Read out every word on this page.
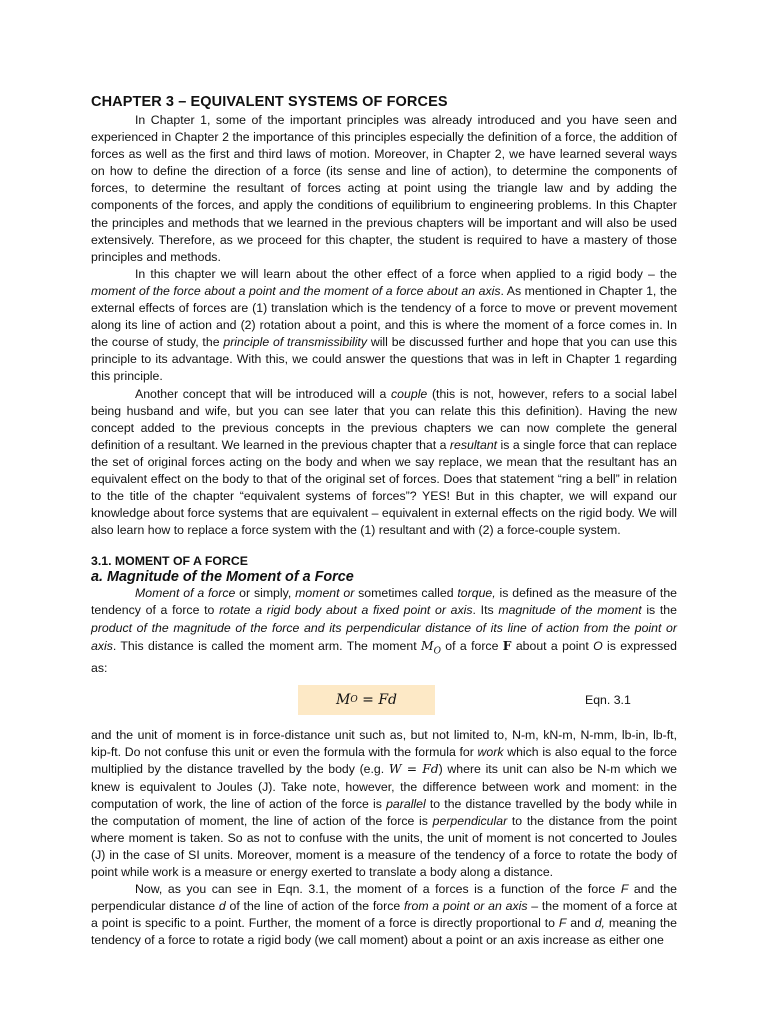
CHAPTER 3 – EQUIVALENT SYSTEMS OF FORCES

In Chapter 1, some of the important principles was already introduced and you have seen and experienced in Chapter 2 the importance of this principles especially the definition of a force, the addition of forces as well as the first and third laws of motion. Moreover, in Chapter 2, we have learned several ways on how to define the direction of a force (its sense and line of action), to determine the components of forces, to determine the resultant of forces acting at point using the triangle law and by adding the components of the forces, and apply the conditions of equilibrium to engineering problems. In this Chapter the principles and methods that we learned in the previous chapters will be important and will also be used extensively. Therefore, as we proceed for this chapter, the student is required to have a mastery of those principles and methods.

In this chapter we will learn about the other effect of a force when applied to a rigid body – the moment of the force about a point and the moment of a force about an axis. As mentioned in Chapter 1, the external effects of forces are (1) translation which is the tendency of a force to move or prevent movement along its line of action and (2) rotation about a point, and this is where the moment of a force comes in. In the course of study, the principle of transmissibility will be discussed further and hope that you can use this principle to its advantage. With this, we could answer the questions that was in left in Chapter 1 regarding this principle.

Another concept that will be introduced will a couple (this is not, however, refers to a social label being husband and wife, but you can see later that you can relate this this definition). Having the new concept added to the previous concepts in the previous chapters we can now complete the general definition of a resultant. We learned in the previous chapter that a resultant is a single force that can replace the set of original forces acting on the body and when we say replace, we mean that the resultant has an equivalent effect on the body to that of the original set of forces. Does that statement “ring a bell” in relation to the title of the chapter “equivalent systems of forces”? YES! But in this chapter, we will expand our knowledge about force systems that are equivalent – equivalent in external effects on the rigid body. We will also learn how to replace a force system with the (1) resultant and with (2) a force-couple system.

3.1. MOMENT OF A FORCE
a. Magnitude of the Moment of a Force

Moment of a force or simply, moment or sometimes called torque, is defined as the measure of the tendency of a force to rotate a rigid body about a fixed point or axis. Its magnitude of the moment is the product of the magnitude of the force and its perpendicular distance of its line of action from the point or axis. This distance is called the moment arm. The moment $M_O$ of a force F about a point O is expressed as:

M O = Fd	Eqn. 3.1

and the unit of moment is in force-distance unit such as, but not limited to, N-m, kN-m, N-mm, lb-in, lb-ft, kip-ft. Do not confuse this unit or even the formula with the formula for work which is also equal to the force multiplied by the distance travelled by the body (e.g. W = Fd) where its unit can also be N-m which we knew is equivalent to Joules (J). Take note, however, the difference between work and moment: in the computation of work, the line of action of the force is parallel to the distance travelled by the body while in the computation of moment, the line of action of the force is perpendicular to the distance from the point where moment is taken. So as not to confuse with the units, the unit of moment is not concerted to Joules (J) in the case of SI units. Moreover, moment is a measure of the tendency of a force to rotate the body of point while work is a measure or energy exerted to translate a body along a distance.

Now, as you can see in Eqn. 3.1, the moment of a forces is a function of the force F and the perpendicular distance d of the line of action of the force from a point or an axis – the moment of a force at a point is specific to a point. Further, the moment of a force is directly proportional to F and d, meaning the tendency of a force to rotate a rigid body (we call moment) about a point or an axis increase as either one
